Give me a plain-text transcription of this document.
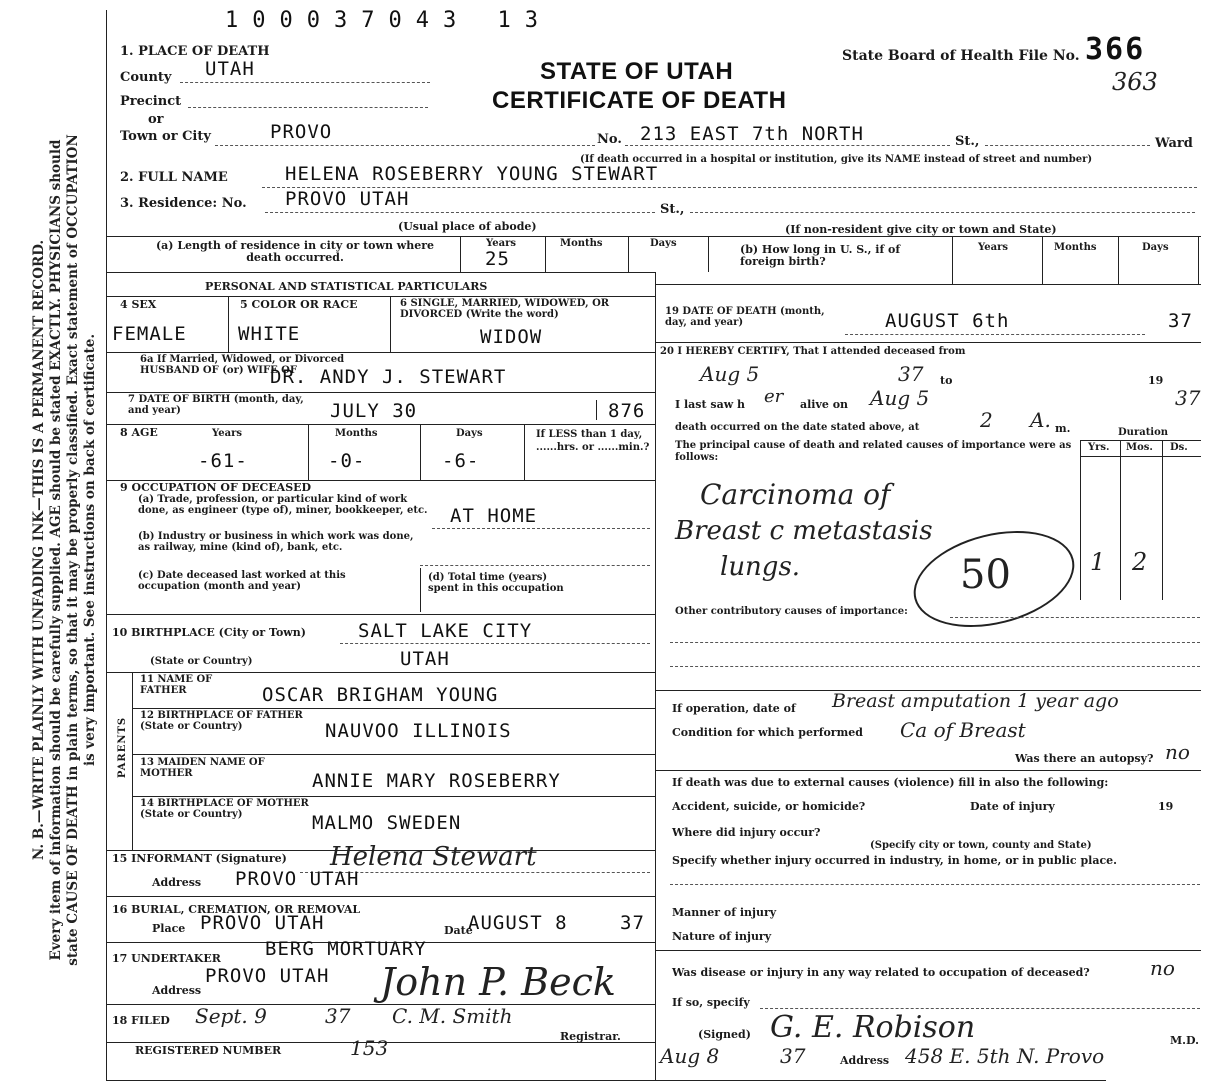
N. B.—WRITE PLAINLY WITH UNFADING INK—THIS IS A PERMANENT RECORD. Every item of information should be carefully supplied. AGE should be stated EXACTLY. PHYSICIANS should state CAUSE OF DEATH in plain terms, so that it may be properly classified. Exact statement of OCCUPATION is very important. See instructions on back of certificate.
100037043 13
STATE OF UTAH
CERTIFICATE OF DEATH
State Board of Health File No. 366
363
1. PLACE OF DEATH
County UTAH
Precinct
or
Town or City	PROVO	No. 213 EAST 7th NORTH	St.,	Ward
(If death occurred in a hospital or institution, give its NAME instead of street and number)
2. FULL NAME	HELENA ROSEBERRY YOUNG STEWART
3. Residence: No. PROVO UTAH	St.,
(Usual place of abode)	(If non-resident give city or town and State)
(a) Length of residence in city or town where death occurred.
Years
25
Months	Days	(b) How long in U. S., if of foreign birth?
Years	Months	Days
PERSONAL AND STATISTICAL PARTICULARS
4 SEX
FEMALE
5 COLOR OR RACE
WHITE
6 SINGLE, MARRIED, WIDOWED, OR DIVORCED (Write the word)
WIDOW
6a If Married, Widowed, or Divorced HUSBAND OF (or) WIFE OF
DR. ANDY J. STEWART
7 DATE OF BIRTH (month, day, and year)	JULY 30	876
8 AGE	Years
-61-
Months
-0-
Days
-6-
If LESS than 1 day, ......hrs. or ......min.?
9 OCCUPATION OF DECEASED
(a) Trade, profession, or particular kind of work done, as engineer (type of), miner, bookkeeper, etc.	AT HOME
(b) Industry or business in which work was done, as railway, mine (kind of), bank, etc.
(c) Date deceased last worked at this occupation (month and year)
(d) Total time (years) spent in this occupation
10 BIRTHPLACE (City or Town)	SALT LAKE CITY
(State or Country)	UTAH
PARENTS
11 NAME OF FATHER	OSCAR BRIGHAM YOUNG
12 BIRTHPLACE OF FATHER (State or Country)	NAUVOO ILLINOIS
13 MAIDEN NAME OF MOTHER	ANNIE MARY ROSEBERRY
14 BIRTHPLACE OF MOTHER (State or Country)	MALMO SWEDEN
15 INFORMANT (Signature) Helena Stewart
Address PROVO UTAH
16 BURIAL, CREMATION, OR REMOVAL
Place PROVO UTAH	Date
AUGUST 8	37
BERG MORTUARY
17 UNDERTAKER
Address
PROVO UTAH John P. Beck
18 FILED Sept. 9	37 C. M. Smith
Registrar.
REGISTERED NUMBER	153
19 DATE OF DEATH (month, day, and year)	AUGUST 6th	37
20 I HEREBY CERTIFY, That I attended deceased from
Aug 5	37 to	19
I last saw h er alive on Aug 5	37
death occurred on the date stated above, at	2 A. m.	Duration
The principal cause of death and related causes of importance were as follows:
Yrs. Mos. Ds.
Carcinoma of
Breast c metastasis
lungs.	1 2
50
Other contributory causes of importance:
If operation, date of Breast amputation 1 year ago
Condition for which performed Ca of Breast
Was there an autopsy? no
If death was due to external causes (violence) fill in also the following:
Accident, suicide, or homicide?	Date of injury	19
Where did injury occur?
(Specify city or town, county and State)
Specify whether injury occurred in industry, in home, or in public place.
Manner of injury
Nature of injury
Was disease or injury in any way related to occupation of deceased?	no
If so, specify
(Signed) G. E. Robison	M.D.
Aug 8	37	Address 458 E. 5th N. Provo
